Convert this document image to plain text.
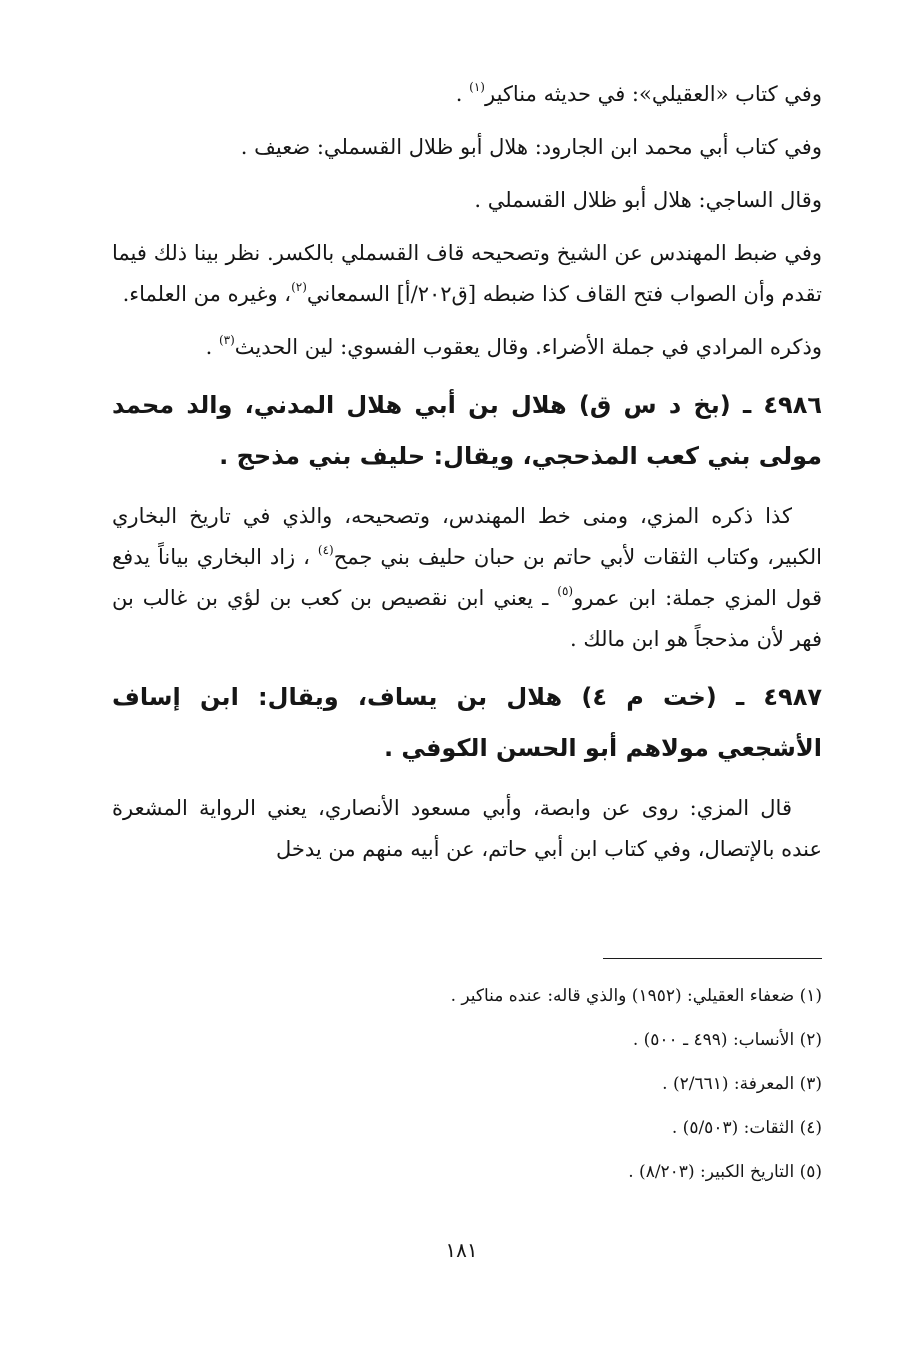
وفي كتاب «العقيلي»: في حديثه مناكير$^{(١)}$ .

وفي كتاب أبي محمد ابن الجارود: هلال أبو ظلال القسملي: ضعيف .

وقال الساجي: هلال أبو ظلال القسملي .

وفي ضبط المهندس عن الشيخ وتصحيحه قاف القسملي بالكسر. نظر بينا ذلك فيما تقدم وأن الصواب فتح القاف كذا ضبطه [ق٢٠٢/أ] السمعاني$^{(٢)}$، وغيره من العلماء.

وذكره المرادي في جملة الأضراء. وقال يعقوب الفسوي: لين الحديث$^{(٣)}$ .

٤٩٨٦ ـ (بخ د س ق) هلال بن أبي هلال المدني، والد محمد مولى بني كعب المذحجي، ويقال: حليف بني مذحج .

كذا ذكره المزي، ومنى خط المهندس، وتصحيحه، والذي في تاريخ البخاري الكبير، وكتاب الثقات لأبي حاتم بن حبان حليف بني جمح$^{(٤)}$ ، زاد البخاري بياناً يدفع قول المزي جملة: ابن عمرو$^{(٥)}$ ـ يعني ابن نقصيص بن كعب بن لؤي بن غالب بن فهر لأن مذحجاً هو ابن مالك .

٤٩٨٧ ـ (خت م ٤) هلال بن يساف، ويقال: ابن إساف الأشجعي مولاهم أبو الحسن الكوفي .

قال المزي: روى عن وابصة، وأبي مسعود الأنصاري، يعني الرواية المشعرة عنده بالإتصال، وفي كتاب ابن أبي حاتم، عن أبيه منهم من يدخل

(١) ضعفاء العقيلي: (١٩٥٢) والذي قاله: عنده مناكير .
(٢) الأنساب: (٤٩٩ ـ ٥٠٠) .
(٣) المعرفة: (٢/٦٦١) .
(٤) الثقات: (٥/٥٠٣) .
(٥) التاريخ الكبير: (٨/٢٠٣) .
١٨١
